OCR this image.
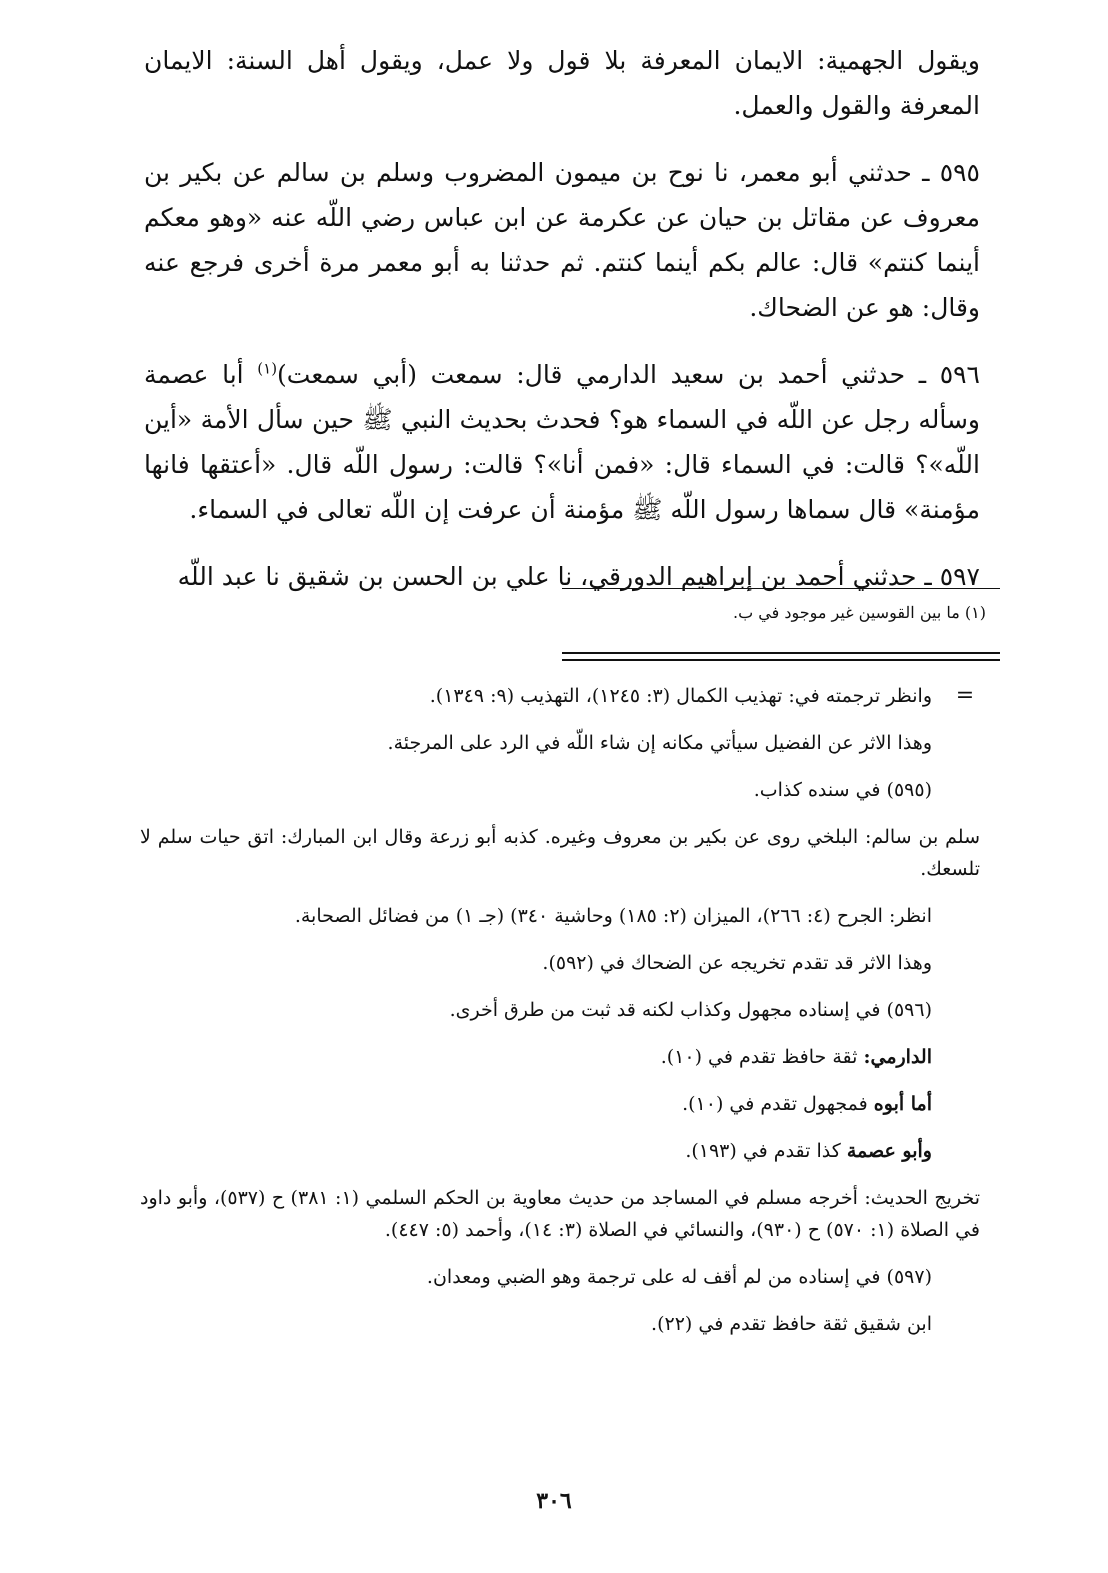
ويقول الجهمية: الايمان المعرفة بلا قول ولا عمل، ويقول أهل السنة: الايمان المعرفة والقول والعمل.

٥٩٥ ـ حدثني أبو معمر، نا نوح بن ميمون المضروب وسلم بن سالم عن بكير بن معروف عن مقاتل بن حيان عن عكرمة عن ابن عباس رضي اللّه عنه «وهو معكم أينما كنتم» قال: عالم بكم أينما كنتم. ثم حدثنا به أبو معمر مرة أخرى فرجع عنه وقال: هو عن الضحاك.

٥٩٦ ـ حدثني أحمد بن سعيد الدارمي قال: سمعت (أبي سمعت)$^{(١)}$ أبا عصمة وسأله رجل عن اللّه في السماء هو؟ فحدث بحديث النبي ﷺ حين سأل الأمة «أين اللّه»؟ قالت: في السماء قال: «فمن أنا»؟ قالت: رسول اللّه قال. «أعتقها فانها مؤمنة» قال سماها رسول اللّه ﷺ مؤمنة أن عرفت إن اللّه تعالى في السماء.

٥٩٧ ـ حدثني أحمد بن إبراهيم الدورقي، نا علي بن الحسن بن شقيق نا عبد اللّه

(١) ما بين القوسين غير موجود في ب.
=

وانظر ترجمته في: تهذيب الكمال (٣: ١٢٤٥)، التهذيب (٩: ١٣٤٩).

وهذا الاثر عن الفضيل سيأتي مكانه إن شاء اللّه في الرد على المرجئة.

(٥٩٥) في سنده كذاب.

سلم بن سالم: البلخي روى عن بكير بن معروف وغيره. كذبه أبو زرعة وقال ابن المبارك: اتق حيات سلم لا تلسعك.

انظر: الجرح (٤: ٢٦٦)، الميزان (٢: ١٨٥) وحاشية ٣٤٠) (جـ ١) من فضائل الصحابة.

وهذا الاثر قد تقدم تخريجه عن الضحاك في (٥٩٢).

(٥٩٦) في إسناده مجهول وكذاب لكنه قد ثبت من طرق أخرى.

الدارمي: ثقة حافظ تقدم في (١٠).

أما أبوه فمجهول تقدم في (١٠).

وأبو عصمة كذا تقدم في (١٩٣).

تخريج الحديث: أخرجه مسلم في المساجد من حديث معاوية بن الحكم السلمي (١: ٣٨١) ح (٥٣٧)، وأبو داود في الصلاة (١: ٥٧٠) ح (٩٣٠)، والنسائي في الصلاة (٣: ١٤)، وأحمد (٥: ٤٤٧).

(٥٩٧) في إسناده من لم أقف له على ترجمة وهو الضبي ومعدان.

ابن شقيق ثقة حافظ تقدم في (٢٢).

٣٠٦
